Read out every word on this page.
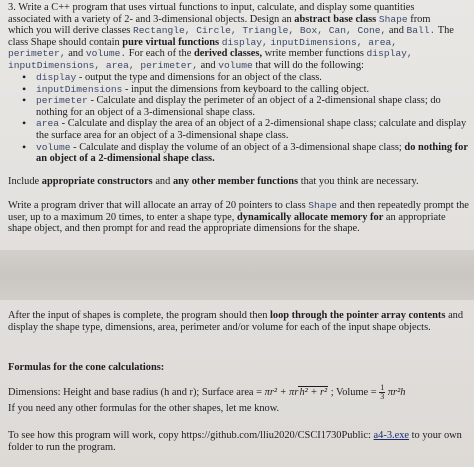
3. Write a C++ program that uses virtual functions to input, calculate, and display some quantities
associated with a variety of 2- and 3-dimensional objects. Design an abstract base class Shape from
which you will derive classes Rectangle, Circle, Triangle, Box, Can, Cone, and Ball. The
class Shape should contain pure virtual functions display, inputDimensions, area,
perimeter, and volume. For each of the derived classes, write member functions display,
inputDimensions, area, perimeter, and volume that will do the following:
• display - output the type and dimensions for an object of the class.
• inputDimensions - input the dimensions from keyboard to the calling object.
• perimeter - Calculate and display the perimeter of an object of a 2-dimensional shape class; do nothing for an object of a 3-dimensional shape class.
• area - Calculate and display the area of an object of a 2-dimensional shape class; calculate and display the surface area for an object of a 3-dimensional shape class.
• volume - Calculate and display the volume of an object of a 3-dimensional shape class; do nothing for an object of a 2-dimensional shape class.
Include appropriate constructors and any other member functions that you think are necessary.
Write a program driver that will allocate an array of 20 pointers to class Shape and then repeatedly prompt the user, up to a maximum 20 times, to enter a shape type, dynamically allocate memory for an appropriate shape object, and then prompt for and read the appropriate dimensions for the shape.
After the input of shapes is complete, the program should then loop through the pointer array contents and display the shape type, dimensions, area, perimeter and/or volume for each of the input shape objects.
Formulas for the cone calculations:
Dimensions: Height and base radius (h and r); Surface area = πr² + πrh² + r² ; Volume = $\frac{1}{3} \pi r^2h$
If you need any other formulas for the other shapes, let me know.
To see how this program will work, copy https://github.com/lliu2020/CSCI1730Public: a4-3.exe to your own folder to run the program.
